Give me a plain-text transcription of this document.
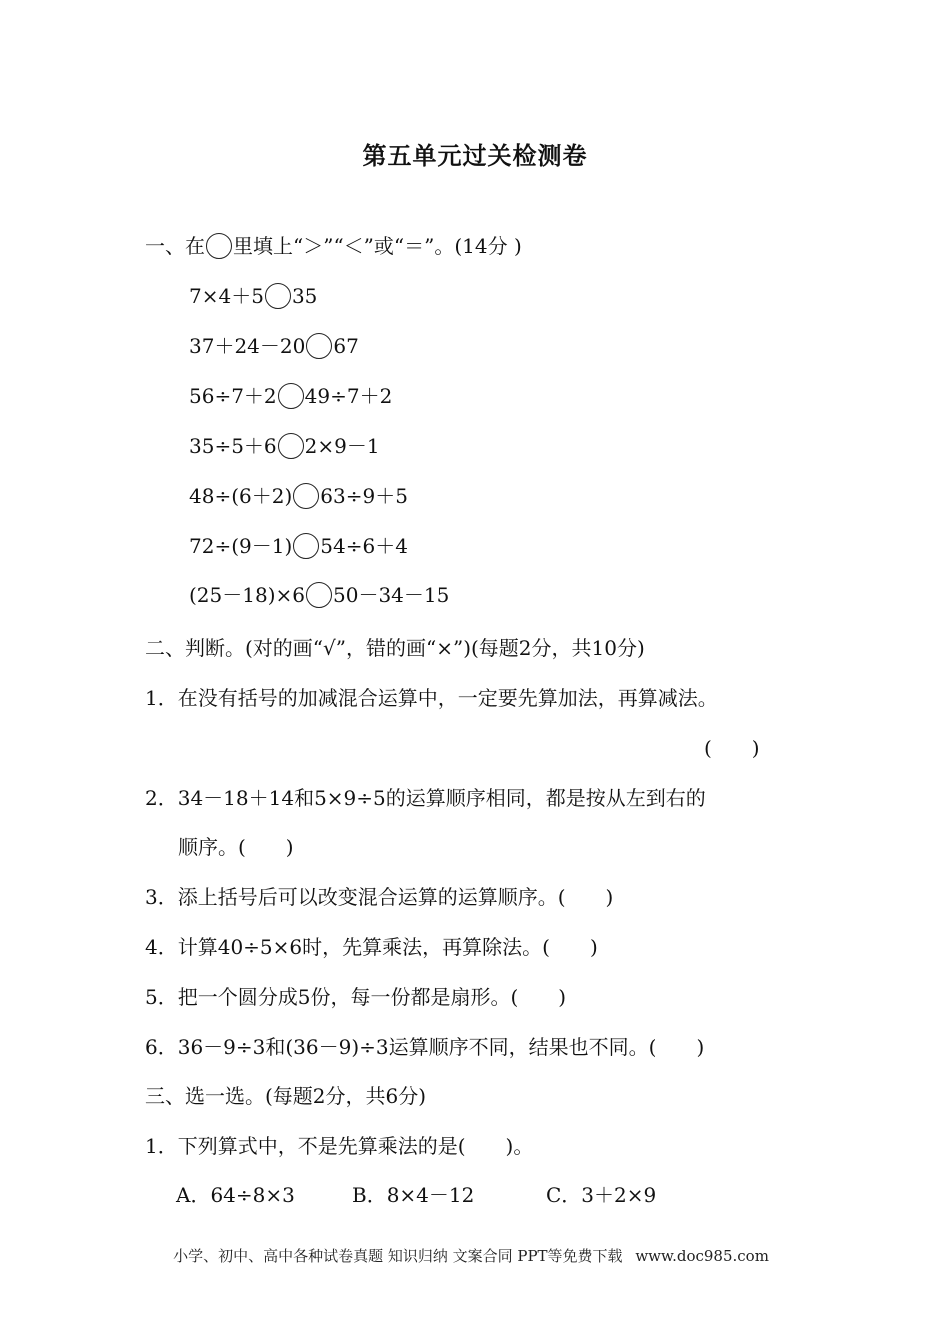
第五单元过关检测卷
一、在 里填上“＞”“＜”或“＝”。(14分 )
7×4＋5 35
37＋24－20 67
56÷7＋2 49÷7＋2
35÷5＋6 2×9－1
48÷(6＋2) 63÷9＋5
72÷(9－1) 54÷6＋4
(25－18)×6 50－34－15
二、判断。(对的画“√”，错的画“×”)(每题2分，共10分)
1．在没有括号的加减混合运算中，一定要先算加法，再算减法。
(　　)
2．34－18＋14和5×9÷5的运算顺序相同，都是按从左到右的
顺序。(　　)
3．添上括号后可以改变混合运算的运算顺序。(　　)
4．计算40÷5×6时，先算乘法，再算除法。(　　)
5．把一个圆分成5份，每一份都是扇形。(　　)
6．36－9÷3和(36－9)÷3运算顺序不同，结果也不同。(　　)
三、选一选。(每题2分，共6分)
1．下列算式中，不是先算乘法的是(　　)。
A．64÷8×3	B．8×4－12	C．3＋2×9
小学、初中、高中各种试卷真题 知识归纳 文案合同 PPT等免费下载 www.doc985.com
